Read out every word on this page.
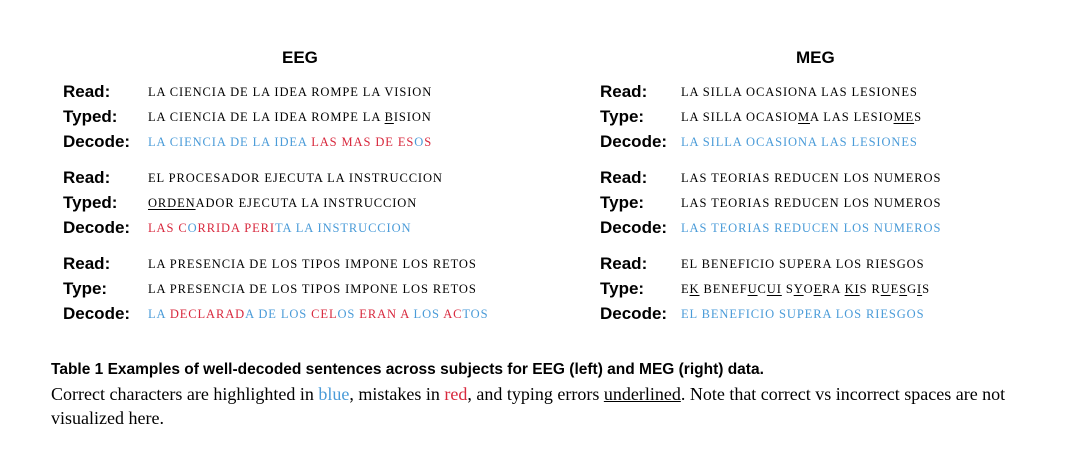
EEG	MEG
Read:	LA CIENCIA DE LA IDEA ROMPE LA VISION
Typed: LA CIENCIA DE LA IDEA ROMPE LA BISION
Decode: LA CIENCIA DE LA IDEA LAS MAS DE ESOS
Read:	EL PROCESADOR EJECUTA LA INSTRUCCION
Typed: ORDENADOR EJECUTA LA INSTRUCCION
Decode: LAS CORRIDA PERITA LA INSTRUCCION
Read:	LA PRESENCIA DE LOS TIPOS IMPONE LOS RETOS
Type:	LA PRESENCIA DE LOS TIPOS IMPONE LOS RETOS
Decode: LA DECLARADA DE LOS CELOS ERAN A LOS ACTOS
Read:	LA SILLA OCASIONA LAS LESIONES
Type:	LA SILLA OCASIOMA LAS LESIOMES
Decode: LA SILLA OCASIONA LAS LESIONES
Read:	LAS TEORIAS REDUCEN LOS NUMEROS
Type:	LAS TEORIAS REDUCEN LOS NUMEROS
Decode: LAS TEORIAS REDUCEN LOS NUMEROS
Read:	EL BENEFICIO SUPERA LOS RIESGOS
Type:	EK BENEFUCUI SYOERA KIS RUESGIS
Decode: EL BENEFICIO SUPERA LOS RIESGOS
Table 1 Examples of well-decoded sentences across subjects for EEG (left) and MEG (right) data.
Correct characters are highlighted in blue, mistakes in red, and typing errors underlined. Note that correct vs incorrect spaces are not visualized here.
